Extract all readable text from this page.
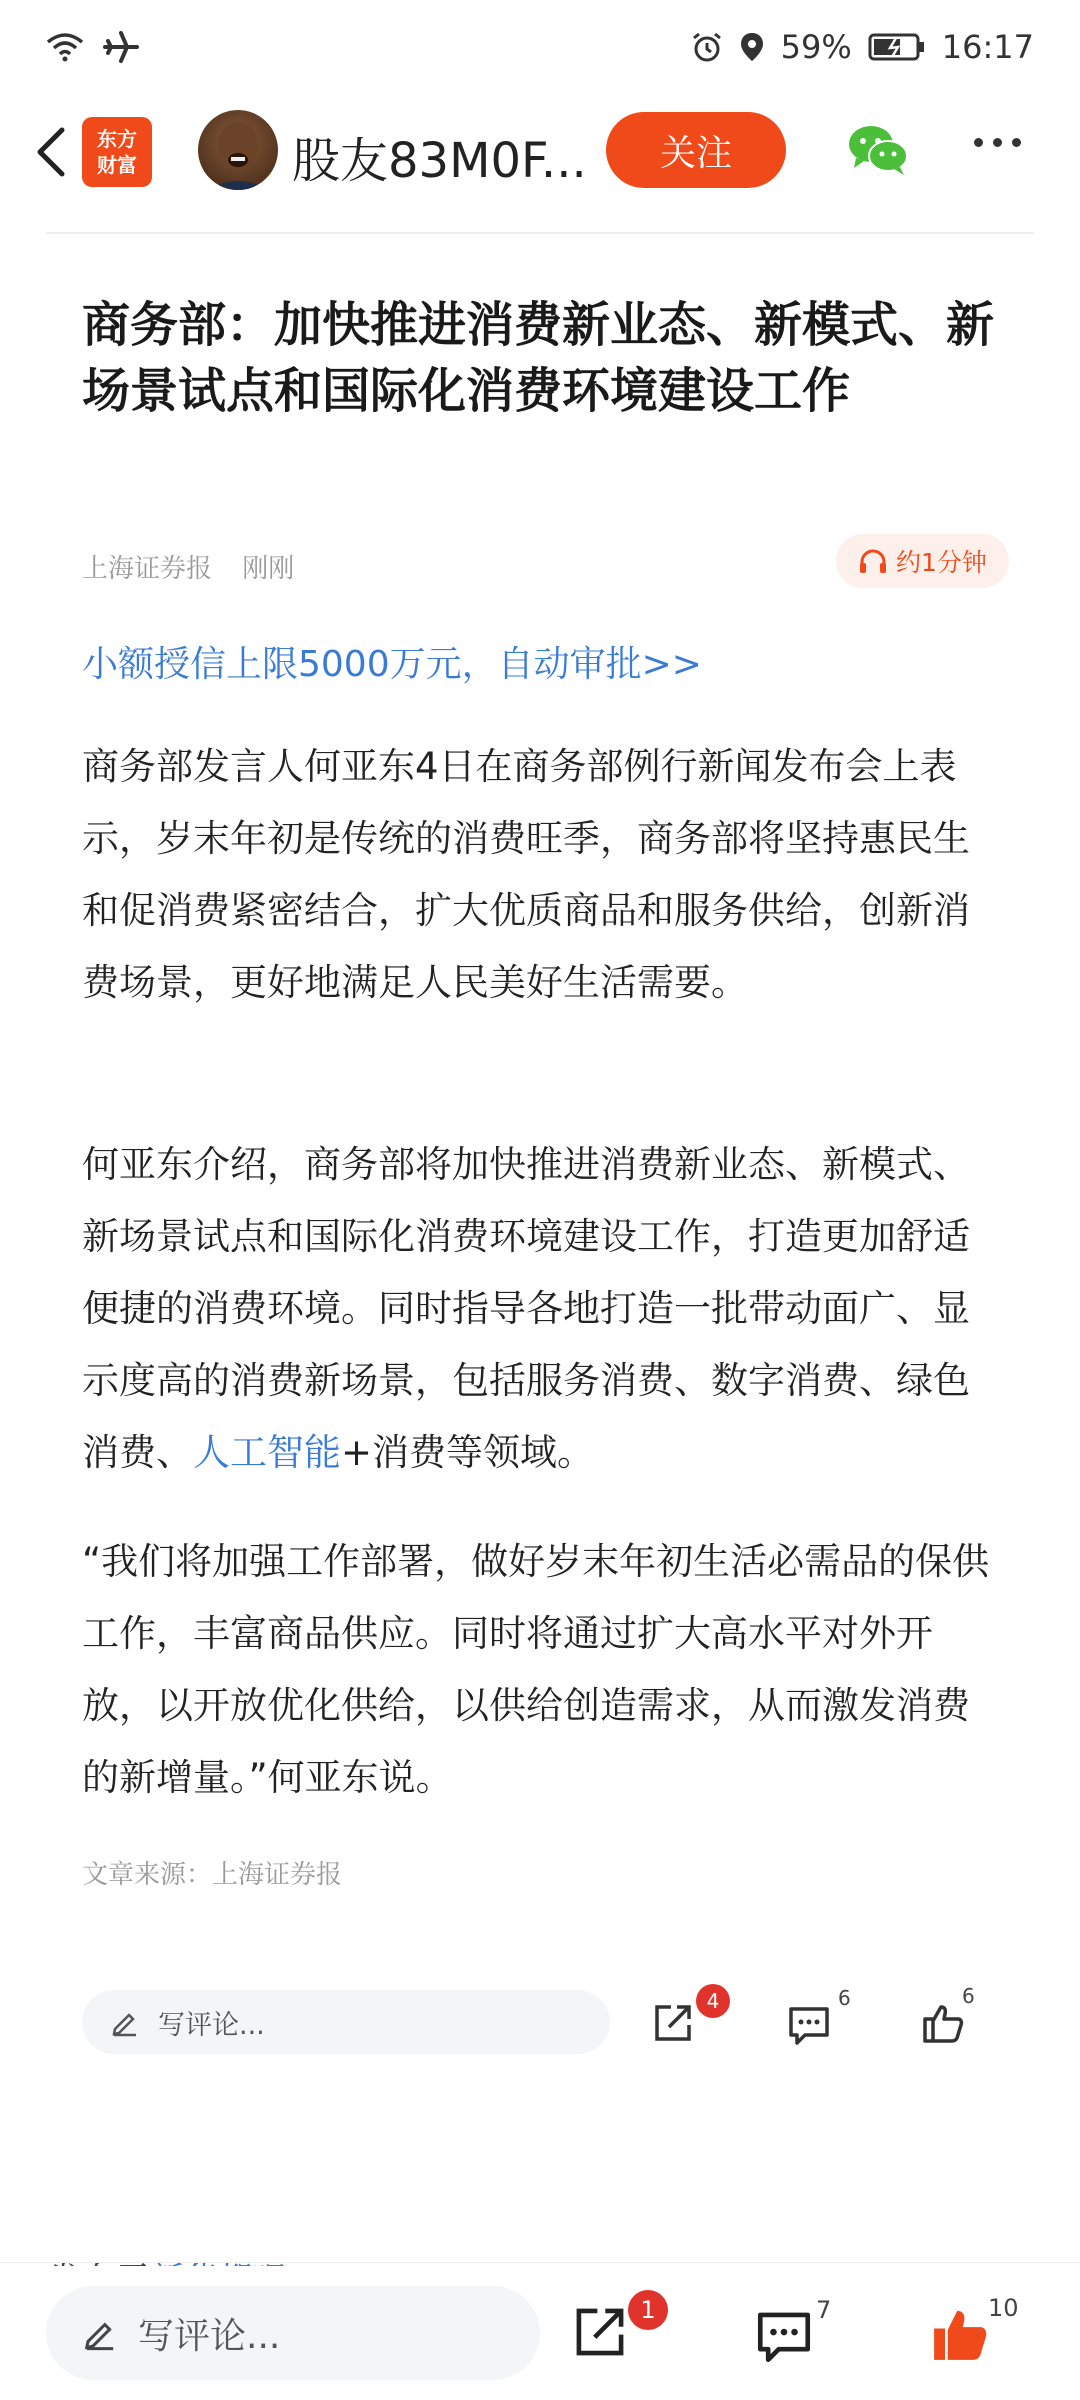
59%	16:17
东方
财富	股友83M0F...	关注
商务部：加快推进消费新业态、新模式、新场景试点和国际化消费环境建设工作
上海证券报 刚刚	约1分钟
小额授信上限5000万元，自动审批>>
商务部发言人何亚东4日在商务部例行新闻发布会上表示，岁末年初是传统的消费旺季，商务部将坚持惠民生和促消费紧密结合，扩大优质商品和服务供给，创新消费场景，更好地满足人民美好生活需要。
何亚东介绍，商务部将加快推进消费新业态、新模式、新场景试点和国际化消费环境建设工作，打造更加舒适便捷的消费环境。同时指导各地打造一批带动面广、显示度高的消费新场景，包括服务消费、数字消费、绿色消费、人工智能+消费等领域。
“我们将加强工作部署，做好岁末年初生活必需品的保供工作，丰富商品供应。同时将通过扩大高水平对外开放，以开放优化供给，以供给创造需求，从而激发消费的新增量。”何亚东说。
文章来源：上海证券报
写评论...
4	6	6
写评论...
1	7	10
